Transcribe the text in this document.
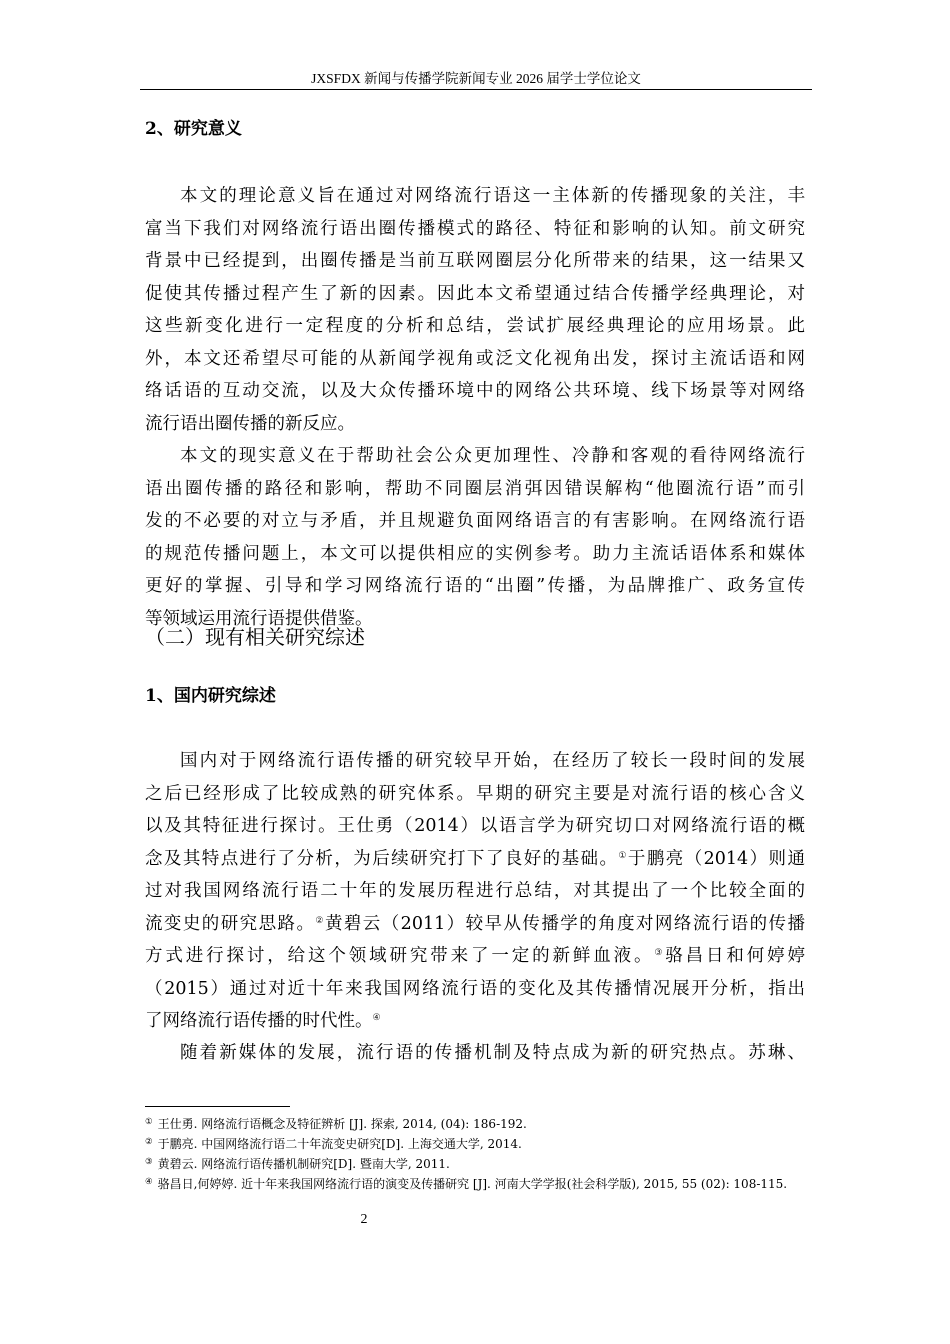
JXSFDX 新闻与传播学院新闻专业 2026 届学士学位论文
2、研究意义
本文的理论意义旨在通过对网络流行语这一主体新的传播现象的关注，丰
富当下我们对网络流行语出圈传播模式的路径、特征和影响的认知。前文研究
背景中已经提到，出圈传播是当前互联网圈层分化所带来的结果，这一结果又
促使其传播过程产生了新的因素。因此本文希望通过结合传播学经典理论，对
这些新变化进行一定程度的分析和总结，尝试扩展经典理论的应用场景。此
外，本文还希望尽可能的从新闻学视角或泛文化视角出发，探讨主流话语和网
络话语的互动交流，以及大众传播环境中的网络公共环境、线下场景等对网络
流行语出圈传播的新反应。
本文的现实意义在于帮助社会公众更加理性、冷静和客观的看待网络流行
语出圈传播的路径和影响，帮助不同圈层消弭因错误解构“他圈流行语”而引
发的不必要的对立与矛盾，并且规避负面网络语言的有害影响。在网络流行语
的规范传播问题上，本文可以提供相应的实例参考。助力主流话语体系和媒体
更好的掌握、引导和学习网络流行语的“出圈”传播，为品牌推广、政务宣传
等领域运用流行语提供借鉴。
（二）现有相关研究综述
1、国内研究综述
国内对于网络流行语传播的研究较早开始，在经历了较长一段时间的发展
之后已经形成了比较成熟的研究体系。早期的研究主要是对流行语的核心含义
以及其特征进行探讨。王仕勇（2014）以语言学为研究切口对网络流行语的概
念及其特点进行了分析，为后续研究打下了良好的基础。①于鹏亮（2014）则通
过对我国网络流行语二十年的发展历程进行总结，对其提出了一个比较全面的
流变史的研究思路。②黄碧云（2011）较早从传播学的角度对网络流行语的传播
方式进行探讨，给这个领域研究带来了一定的新鲜血液。③骆昌日和何婷婷
（2015）通过对近十年来我国网络流行语的变化及其传播情况展开分析，指出
了网络流行语传播的时代性。④
随着新媒体的发展，流行语的传播机制及特点成为新的研究热点。苏琳、
① 王仕勇. 网络流行语概念及特征辨析 [J]. 探索, 2014, (04): 186-192.
② 于鹏亮. 中国网络流行语二十年流变史研究[D]. 上海交通大学, 2014.
③ 黄碧云. 网络流行语传播机制研究[D]. 暨南大学, 2011.
④ 骆昌日,何婷婷. 近十年来我国网络流行语的演变及传播研究 [J]. 河南大学学报(社会科学版), 2015, 55 (02): 108-115.
2
